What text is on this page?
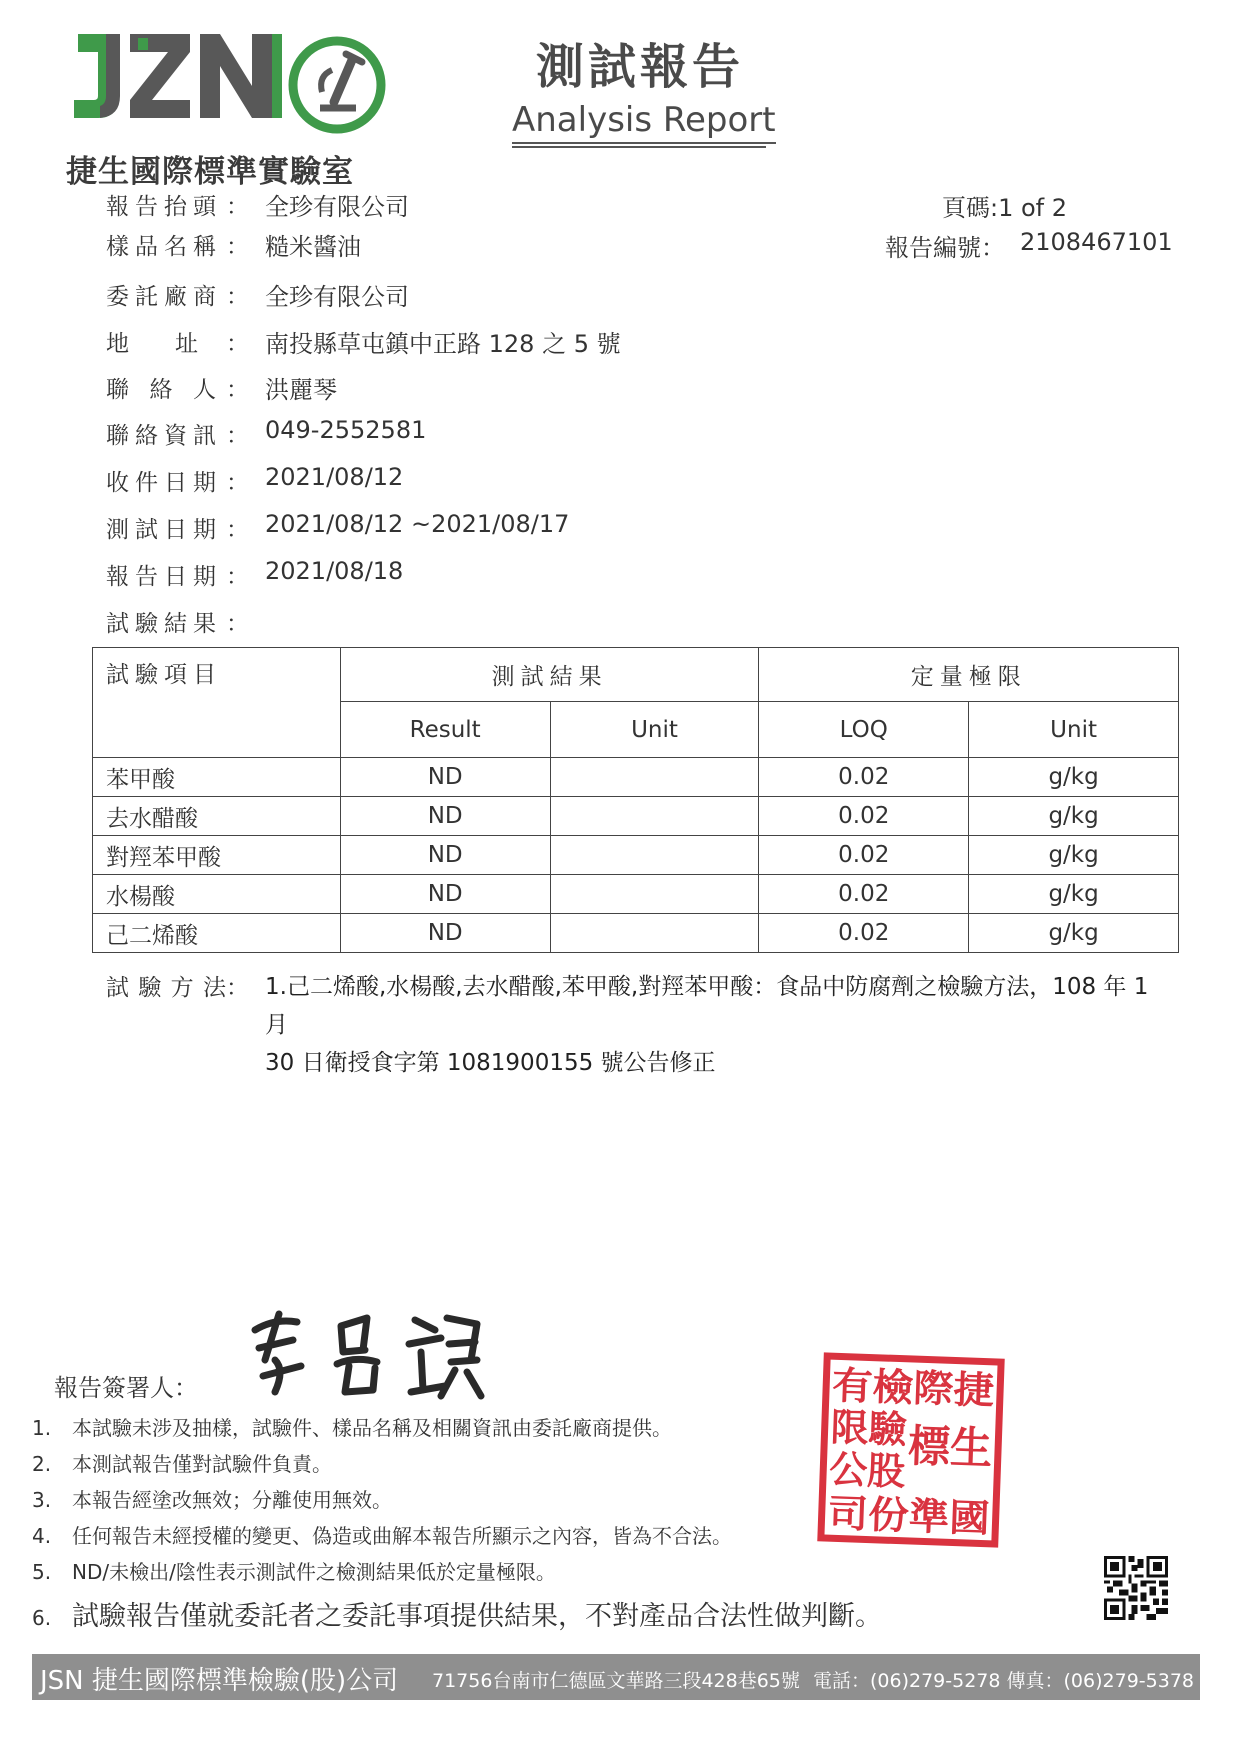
捷生國際標準實驗室
測試報告
Analysis Report
頁碼:1 of 2
報告編號： 2108467101
報告抬頭 ： 全珍有限公司
樣品名稱 ： 糙米醬油
委託廠商 ： 全珍有限公司
地址 ： 南投縣草屯鎮中正路 128 之 5 號
聯絡人 ： 洪麗琴
聯絡資訊 ： 049-2552581
收件日期 ： 2021/08/12
測試日期 ： 2021/08/12 ~2021/08/17
報告日期 ： 2021/08/18
試驗結果 ：
試驗項目	測試結果		定量極限	
	Result	Unit	LOQ	Unit
苯甲酸	ND		0.02	g/kg
去水醋酸	ND		0.02	g/kg
對羥苯甲酸	ND		0.02	g/kg
水楊酸	ND		0.02	g/kg
己二烯酸	ND		0.02	g/kg
試驗方法 ： 1.己二烯酸,水楊酸,去水醋酸,苯甲酸,對羥苯甲酸：食品中防腐劑之檢驗方法，108 年 1 月
30 日衛授食字第 1081900155 號公告修正
報告簽署人：	有檢際捷
限驗 標生
公股
司份準國
1. 本試驗未涉及抽樣，試驗件、樣品名稱及相關資訊由委託廠商提供。
2. 本測試報告僅對試驗件負責。
3. 本報告經塗改無效；分離使用無效。
4. 任何報告未經授權的變更、偽造或曲解本報告所顯示之內容，皆為不合法。
5. ND/未檢出/陰性表示測試件之檢測結果低於定量極限。
6. 試驗報告僅就委託者之委託事項提供結果，不對產品合法性做判斷。
JSN 捷生國際標準檢驗(股)公司 71756台南市仁德區文華路三段428巷65號 電話：(06)279-5278 傳真：(06)279-5378
